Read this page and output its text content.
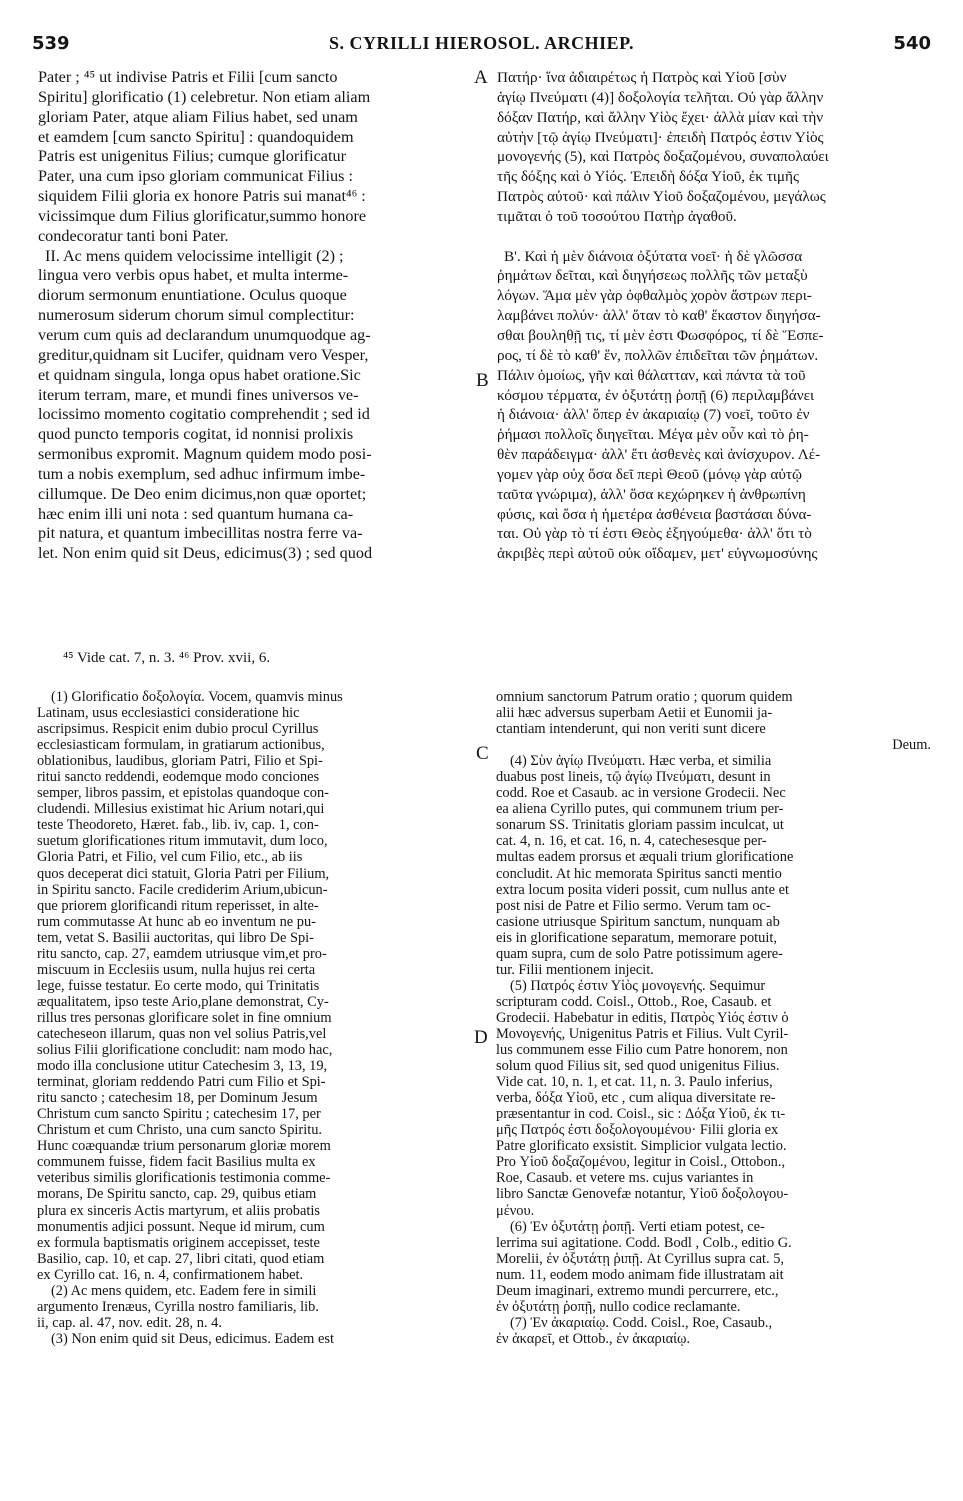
539	S. CYRILLI HIEROSOL. ARCHIEP.	540
Pater ; ⁴⁵ ut indivise Patris et Filii [cum sancto
Spiritu] glorificatio (1) celebretur. Non etiam aliam
gloriam Pater, atque aliam Filius habet, sed unam
et eamdem [cum sancto Spiritu] : quandoquidem
Patris est unigenitus Filius; cumque glorificatur
Pater, una cum ipso gloriam communicat Filius :
siquidem Filii gloria ex honore Patris sui manat⁴⁶ :
vicissimque dum Filius glorificatur,summo honore
condecoratur tanti boni Pater.
II. Ac mens quidem velocissime intelligit (2) ;
lingua vero verbis opus habet, et multa interme-
diorum sermonum enuntiatione. Oculus quoque
numerosum siderum chorum simul complectitur:
verum cum quis ad declarandum unumquodque ag-
greditur,quidnam sit Lucifer, quidnam vero Vesper,
et quidnam singula, longa opus habet oratione.Sic
iterum terram, mare, et mundi fines universos ve-
locissimo momento cogitatio comprehendit ; sed id
quod puncto temporis cogitat, id nonnisi prolixis
sermonibus expromit. Magnum quidem modo posi-
tum a nobis exemplum, sed adhuc infirmum imbe-
cillumque. De Deo enim dicimus,non quæ oportet;
hæc enim illi uni nota : sed quantum humana ca-
pit natura, et quantum imbecillitas nostra ferre va-
let. Non enim quid sit Deus, edicimus(3) ; sed quod
Πατήρ· ἵνα ἀδιαιρέτως ἡ Πατρὸς καὶ Υἱοῦ [σὺν
ἁγίῳ Πνεύματι (4)] δοξολογία τελῆται. Οὐ γὰρ ἄλλην
δόξαν Πατήρ, καὶ ἄλλην Υἱὸς ἔχει· ἀλλὰ μίαν καὶ τὴν
αὐτὴν [τῷ ἁγίῳ Πνεύματι]· ἐπειδὴ Πατρός ἐστιν Υἱὸς
μονογενής (5), καὶ Πατρὸς δοξαζομένου, συναπολαύει
τῆς δόξης καὶ ὁ Υἱός. Ἐπειδὴ δόξα Υἱοῦ, ἐκ τιμῆς
Πατρὸς αὐτοῦ· καὶ πάλιν Υἱοῦ δοξαζομένου, μεγάλως
τιμᾶται ὁ τοῦ τοσούτου Πατὴρ ἀγαθοῦ.
Β'. Καὶ ἡ μὲν διάνοια ὀξύτατα νοεῖ· ἡ δὲ γλῶσσα
ῥημάτων δεῖται, καὶ διηγήσεως πολλῆς τῶν μεταξὺ
λόγων. Ἅμα μὲν γὰρ ὀφθαλμὸς χορὸν ἄστρων περι-
λαμβάνει πολύν· ἀλλ' ὅταν τὸ καθ' ἕκαστον διηγήσα-
σθαι βουληθῇ τις, τί μὲν ἐστι Φωσφόρος, τί δὲ Ἕσπε-
ρος, τί δὲ τὸ καθ' ἕν, πολλῶν ἐπιδεῖται τῶν ῥημάτων.
Πάλιν ὁμοίως, γῆν καὶ θάλατταν, καὶ πάντα τὰ τοῦ
κόσμου τέρματα, ἐν ὀξυτάτῃ ῥοπῇ (6) περιλαμβάνει
ἡ διάνοια· ἀλλ' ὅπερ ἐν ἀκαριαίῳ (7) νοεῖ, τοῦτο ἐν
ῥήμασι πολλοῖς διηγεῖται. Μέγα μὲν οὖν καὶ τὸ ῥη-
θὲν παράδειγμα· ἀλλ' ἔτι ἀσθενὲς καὶ ἀνίσχυρον. Λέ-
γομεν γὰρ οὐχ ὅσα δεῖ περὶ Θεοῦ (μόνῳ γὰρ αὐτῷ
ταῦτα γνώριμα), ἀλλ' ὅσα κεχώρηκεν ἡ ἀνθρωπίνη
φύσις, καὶ ὅσα ἡ ἡμετέρα ἀσθένεια βαστάσαι δύνα-
ται. Οὐ γὰρ τὸ τί ἐστι Θεὸς ἐξηγούμεθα· ἀλλ' ὅτι τὸ
ἀκριβὲς περὶ αὐτοῦ οὐκ οἴδαμεν, μετ' εὐγνωμοσύνης
A
B
C
D
⁴⁵ Vide cat. 7, n. 3. ⁴⁶ Prov. xvii, 6.
(1) Glorificatio δοξολογία. Vocem, quamvis minus
Latinam, usus ecclesiastici consideratione hic
ascripsimus. Respicit enim dubio procul Cyrillus
ecclesiasticam formulam, in gratiarum actionibus,
oblationibus, laudibus, gloriam Patri, Filio et Spi-
ritui sancto reddendi, eodemque modo conciones
semper, libros passim, et epistolas quandoque con-
cludendi. Millesius existimat hic Arium notari,qui
teste Theodoreto, Hæret. fab., lib. iv, cap. 1, con-
suetum glorificationes ritum immutavit, dum loco,
Gloria Patri, et Filio, vel cum Filio, etc., ab iis
quos deceperat dici statuit, Gloria Patri per Filium,
in Spiritu sancto. Facile crediderim Arium,ubicun-
que priorem glorificandi ritum reperisset, in alte-
rum commutasse At hunc ab eo inventum ne pu-
tem, vetat S. Basilii auctoritas, qui libro De Spi-
ritu sancto, cap. 27, eamdem utriusque vim,et pro-
miscuum in Ecclesiis usum, nulla hujus rei certa
lege, fuisse testatur. Eo certe modo, qui Trinitatis
æqualitatem, ipso teste Ario,plane demonstrat, Cy-
rillus tres personas glorificare solet in fine omnium
catecheseon illarum, quas non vel solius Patris,vel
solius Filii glorificatione concludit: nam modo hac,
modo illa conclusione utitur Catechesim 3, 13, 19,
terminat, gloriam reddendo Patri cum Filio et Spi-
ritu sancto ; catechesim 18, per Dominum Jesum
Christum cum sancto Spiritu ; catechesim 17, per
Christum et cum Christo, una cum sancto Spiritu.
Hunc coæquandæ trium personarum gloriæ morem
communem fuisse, fidem facit Basilius multa ex
veteribus similis glorificationis testimonia comme-
morans, De Spiritu sancto, cap. 29, quibus etiam
plura ex sinceris Actis martyrum, et aliis probatis
monumentis adjici possunt. Neque id mirum, cum
ex formula baptismatis originem accepisset, teste
Basilio, cap. 10, et cap. 27, libri citati, quod etiam
ex Cyrillo cat. 16, n. 4, confirmationem habet.
(2) Ac mens quidem, etc. Eadem fere in simili
argumento Irenæus, Cyrilla nostro familiaris, lib.
ii, cap. al. 47, nov. edit. 28, n. 4.
(3) Non enim quid sit Deus, edicimus. Eadem est
omnium sanctorum Patrum oratio ; quorum quidem
alii hæc adversus superbam Aetii et Eunomii ja-
ctantiam intenderunt, qui non veriti sunt dicere
Deum.
(4) Σὺν ἁγίῳ Πνεύματι. Hæc verba, et similia
duabus post lineis, τῷ ἁγίῳ Πνεύματι, desunt in
codd. Roe et Casaub. ac in versione Grodecii. Nec
ea aliena Cyrillo putes, qui communem trium per-
sonarum SS. Trinitatis gloriam passim inculcat, ut
cat. 4, n. 16, et cat. 16, n. 4, catechesesque per-
multas eadem prorsus et æquali trium glorificatione
concludit. At hic memorata Spiritus sancti mentio
extra locum posita videri possit, cum nullus ante et
post nisi de Patre et Filio sermo. Verum tam oc-
casione utriusque Spiritum sanctum, nunquam ab
eis in glorificatione separatum, memorare potuit,
quam supra, cum de solo Patre potissimum agere-
tur. Filii mentionem injecit.
(5) Πατρός ἐστιν Υἱὸς μονογενής. Sequimur
scripturam codd. Coisl., Ottob., Roe, Casaub. et
Grodecii. Habebatur in editis, Πατρὸς Υἱός ἐστιν ὁ
Μονογενής, Unigenitus Patris et Filius. Vult Cyril-
lus communem esse Filio cum Patre honorem, non
solum quod Filius sit, sed quod unigenitus Filius.
Vide cat. 10, n. 1, et cat. 11, n. 3. Paulo inferius,
verba, δόξα Υἱοῦ, etc , cum aliqua diversitate re-
præsentantur in cod. Coisl., sic : Δόξα Υἱοῦ, ἐκ τι-
μῆς Πατρός ἐστι δοξολογουμένου· Filii gloria ex
Patre glorificato exsistit. Simplicior vulgata lectio.
Pro Υἱοῦ δοξαζομένου, legitur in Coisl., Ottobon.,
Roe, Casaub. et vetere ms. cujus variantes in
libro Sanctæ Genovefæ notantur, Υἱοῦ δοξολογου-
μένου.
(6) Ἐν ὀξυτάτῃ ῥοπῇ. Verti etiam potest, ce-
lerrima sui agitatione. Codd. Bodl , Colb., editio G.
Morelii, ἐν ὀξυτάτῃ ῥιπῇ. At Cyrillus supra cat. 5,
num. 11, eodem modo animam fide illustratam ait
Deum imaginari, extremo mundi percurrere, etc.,
ἐν ὀξυτάτῃ ῥοπῇ, nullo codice reclamante.
(7) Ἐν ἀκαριαίῳ. Codd. Coisl., Roe, Casaub.,
ἐν ἀκαρεῖ, et Ottob., ἐν ἀκαριαίῳ.
